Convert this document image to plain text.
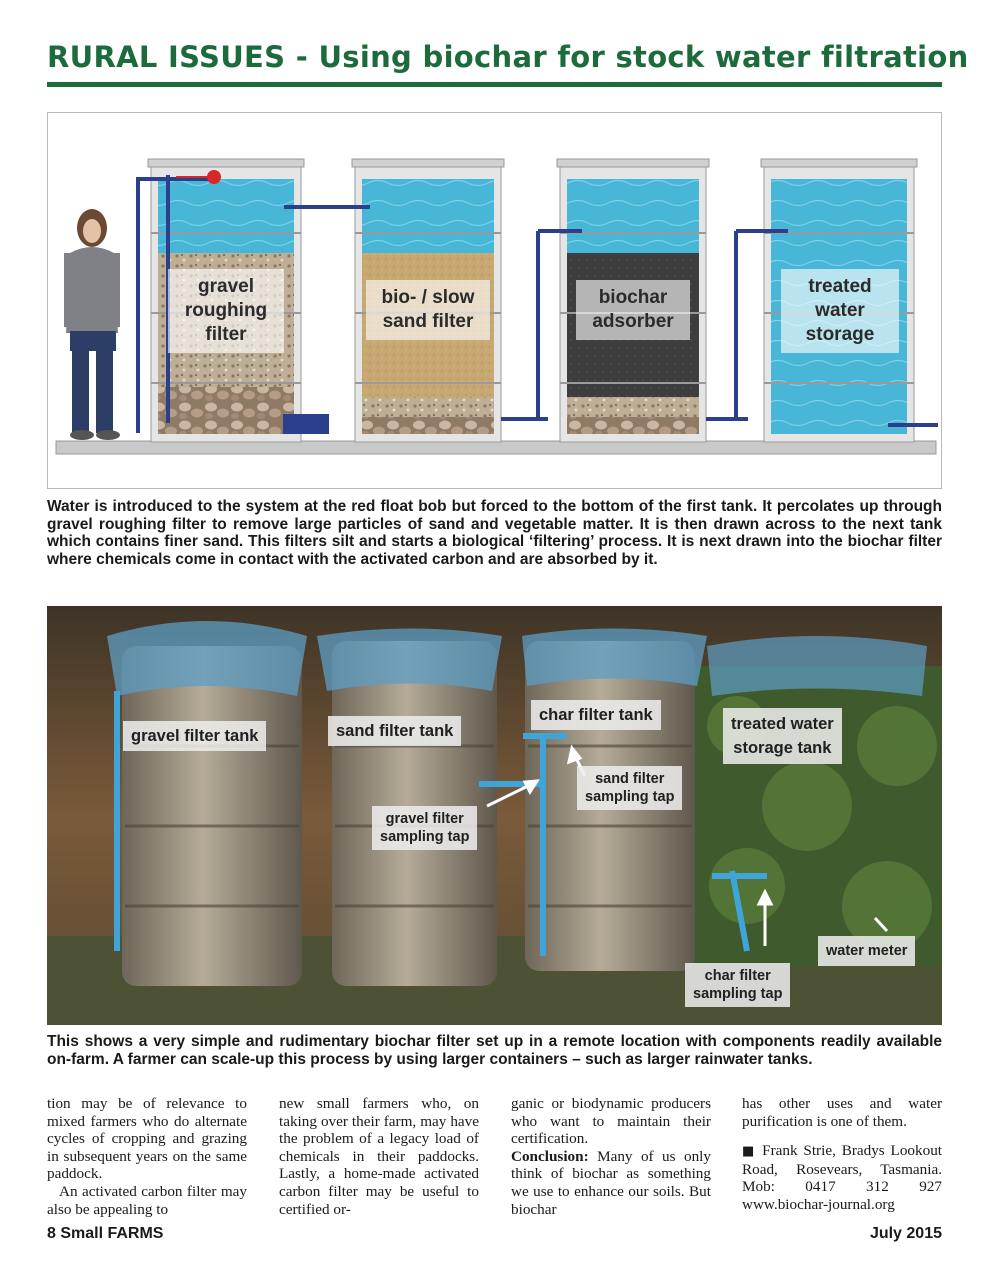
RURAL ISSUES - Using biochar for stock water filtration
gravel
roughing
filter
bio- / slow
sand filter
biochar
adsorber
treated
water
storage
Water is introduced to the system at the red float bob but forced to the bottom of the first tank. It percolates up through gravel roughing filter to remove large particles of sand and vegetable matter. It is then drawn across to the next tank which contains finer sand. This filters silt and starts a biological ‘filtering’ process. It is next drawn into the biochar filter where chemicals come in contact with the activated carbon and are absorbed by it.
gravel filter tank	sand filter tank
char filter tank	treated water
storage tank
sand filter
sampling tap
gravel filter
sampling tap
water meter
char filter
sampling tap
This shows a very simple and rudimentary biochar filter set up in a remote location with components readily available on-farm. A farmer can scale-up this process by using larger containers – such as larger rainwater tanks.

tion may be of relevance to mixed farmers who do alternate cycles of cropping and grazing in subsequent years on the same paddock.

An activated carbon filter may also be appealing to

new small farmers who, on taking over their farm, may have the problem of a legacy load of chemicals in their paddocks. Lastly, a home-made activated carbon filter may be useful to certified or-

ganic or biodynamic producers who want to maintain their certification.

Conclusion: Many of us only think of biochar as something we use to enhance our soils. But biochar

has other uses and water purification is one of them.

■ Frank Strie, Bradys Lookout Road, Rosevears, Tasmania. Mob: 0417 312 927 www.biochar-journal.org

8 Small FARMS	July 2015
